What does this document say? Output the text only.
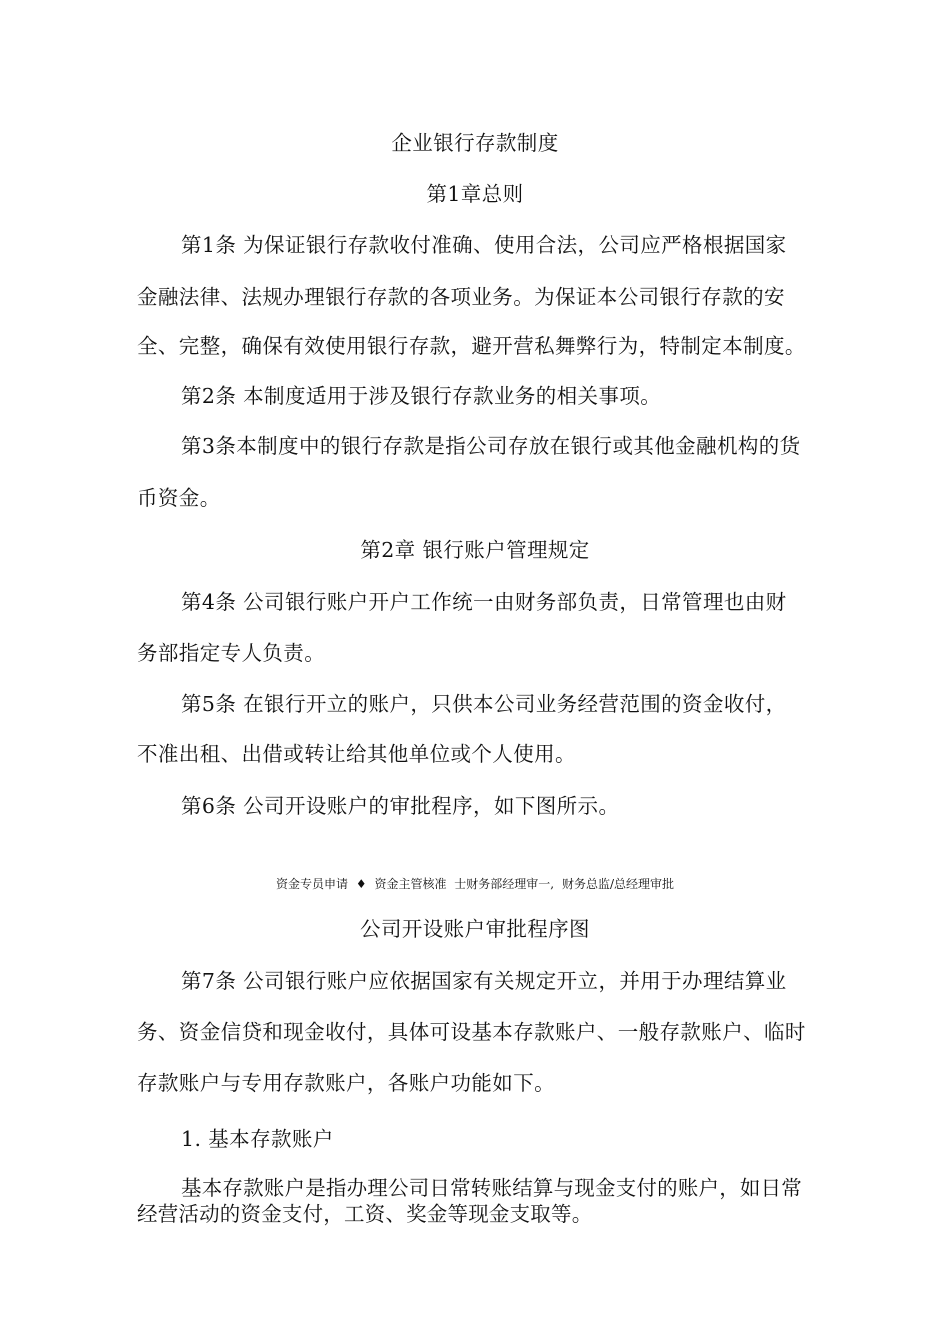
企业银行存款制度
第1章总则
第1条 为保证银行存款收付准确、使用合法，公司应严格根据国家
金融法律、法规办理银行存款的各项业务。为保证本公司银行存款的安
全、完整，确保有效使用银行存款，避开营私舞弊行为，特制定本制度。
第2条 本制度适用于涉及银行存款业务的相关事项。
第3条本制度中的银行存款是指公司存放在银行或其他金融机构的货
币资金。
第2章 银行账户管理规定
第4条 公司银行账户开户工作统一由财务部负责，日常管理也由财
务部指定专人负责。
第5条 在银行开立的账户，只供本公司业务经营范围的资金收付，
不准出租、出借或转让给其他单位或个人使用。
第6条 公司开设账户的审批程序，如下图所示。
资金专员申请 ♦ 资金主管核准 士财务部经理审一, 财务总监/总经理审批
公司开设账户审批程序图
第7条 公司银行账户应依据国家有关规定开立，并用于办理结算业
务、资金信贷和现金收付，具体可设基本存款账户、一般存款账户、临时
存款账户与专用存款账户，各账户功能如下。
1. 基本存款账户
基本存款账户是指办理公司日常转账结算与现金支付的账户，如日常
经营活动的资金支付，工资、奖金等现金支取等。
